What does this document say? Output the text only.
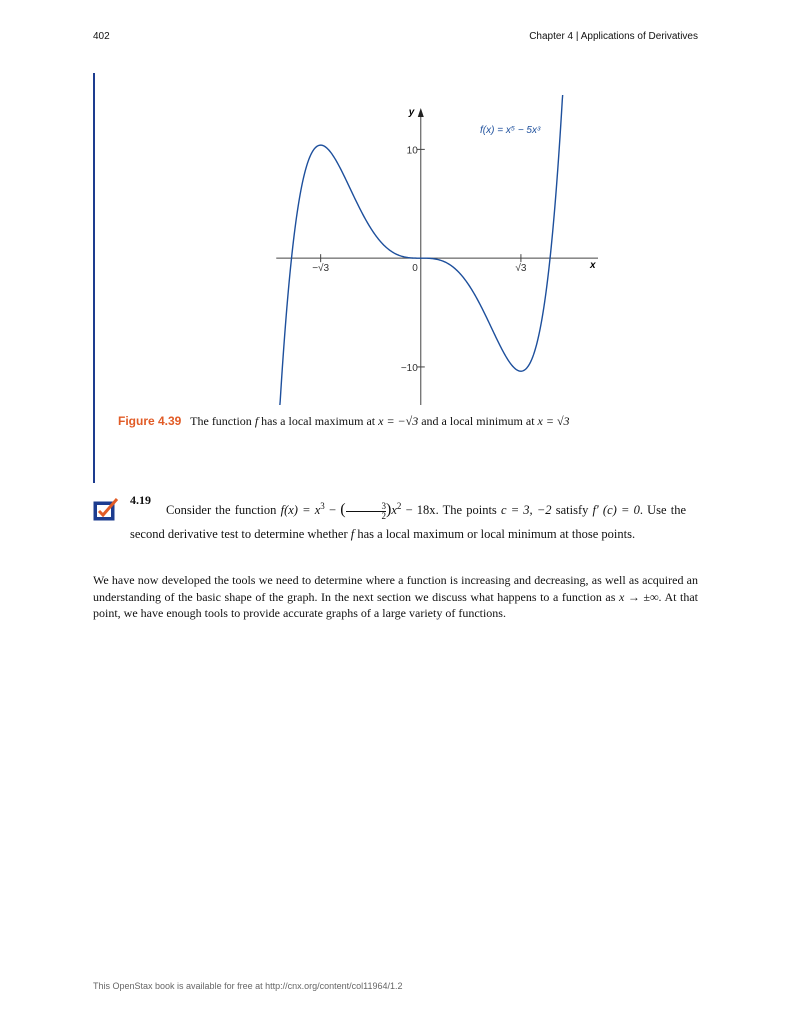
402	Chapter 4 | Applications of Derivatives
−√3	0	√3
10
−10
f(x) = x⁵ − 5x³
x
y
Figure 4.39 The function f has a local maximum at x = −√3 and a local minimum at x = √3
4.19
Consider the function $f(x) = x^3$ − ( $\frac{3}{2} )x^2 - 18x$. The points c = 3, −2 satisfy f′ (c) = 0. Use the
second derivative test to determine whether f has a local maximum or local minimum at those points.
We have now developed the tools we need to determine where a function is increasing and decreasing, as well as acquired an understanding of the basic shape of the graph. In the next section we discuss what happens to a function as x → ±∞. At that point, we have enough tools to provide accurate graphs of a large variety of functions.
This OpenStax book is available for free at http://cnx.org/content/col11964/1.2
